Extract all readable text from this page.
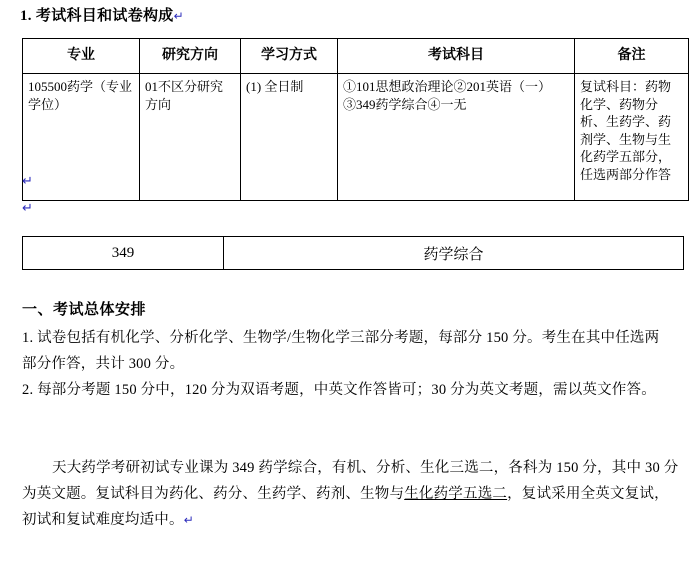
1. 考试科目和试卷构成↵
专业	研究方向	学习方式	考试科目	备注
105500药学（专业学位）	01不区分研究方向	(1) 全日制	①101思想政治理论②201英语（一）③349药学综合④一无	复试科目：药物化学、药物分析、生药学、药剂学、生物与生化药学五部分，任选两部分作答
↵
↵
349	药学综合
一、考试总体安排
1. 试卷包括有机化学、分析化学、生物学/生物化学三部分考题，每部分 150 分。考生在其中任选两部分作答，共计 300 分。
2. 每部分考题 150 分中，120 分为双语考题，中英文作答皆可；30 分为英文考题，需以英文作答。
天大药学考研初试专业课为 349 药学综合，有机、分析、生化三选二，各科为 150 分，其中 30 分为英文题。复试科目为药化、药分、生药学、药剂、生物与生化药学五选二，复试采用全英文复试，初试和复试难度均适中。↵
